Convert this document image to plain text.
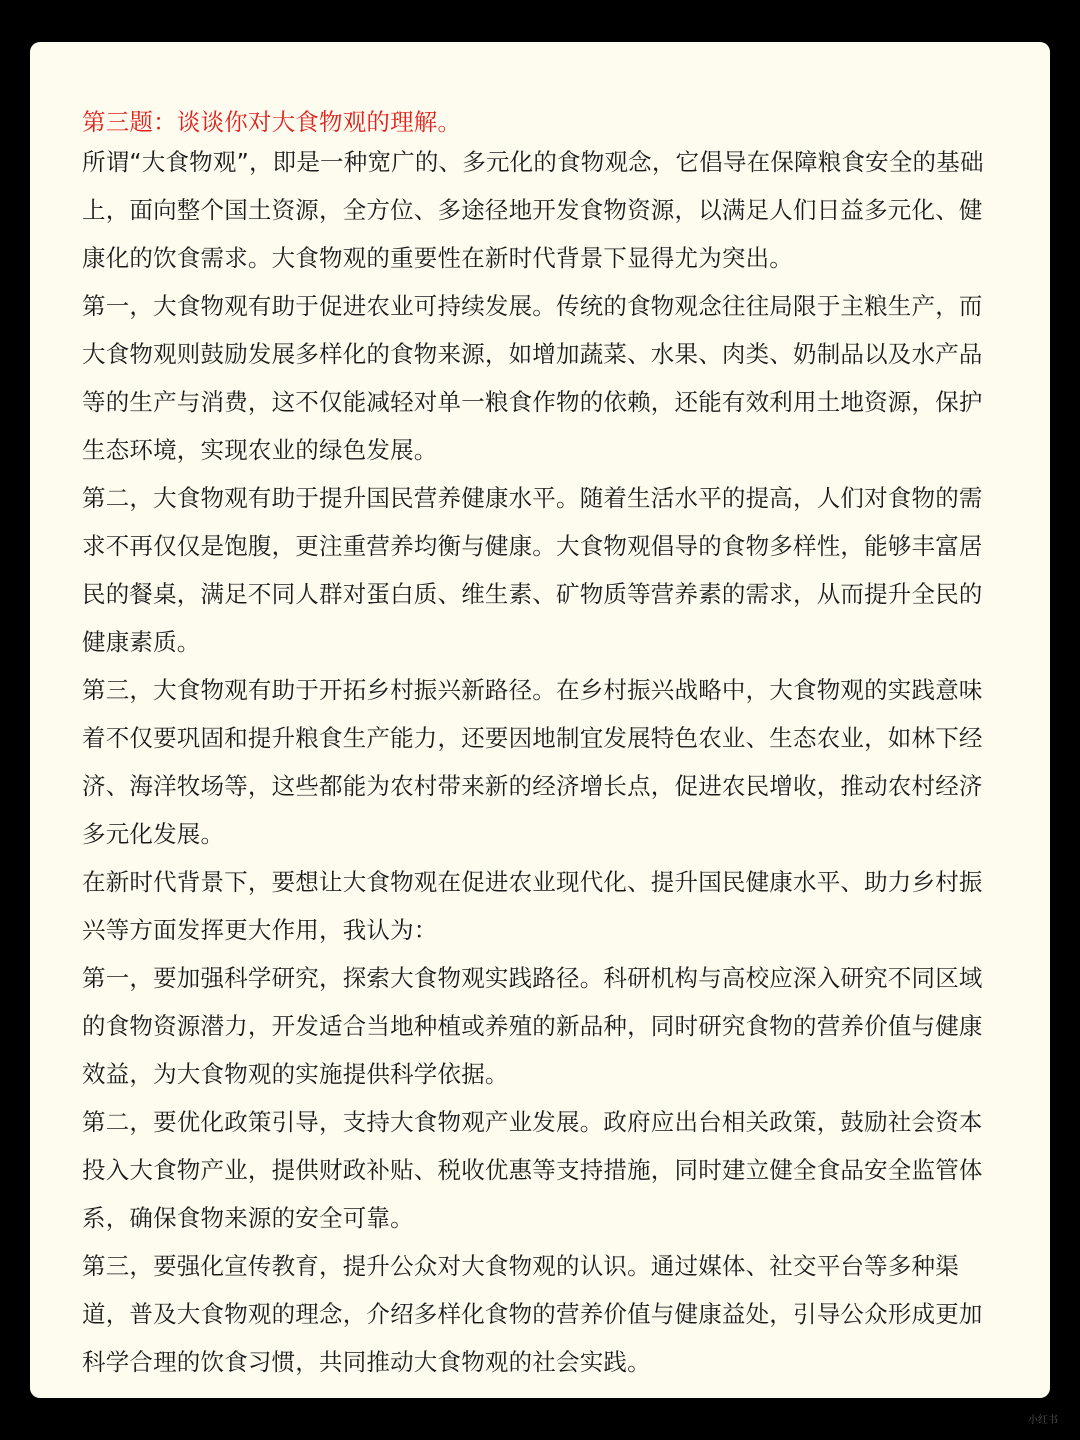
第三题：谈谈你对大食物观的理解。

所谓“大食物观”，即是一种宽广的、多元化的食物观念，它倡导在保障粮食安全的基础上，面向整个国土资源，全方位、多途径地开发食物资源，以满足人们日益多元化、健康化的饮食需求。大食物观的重要性在新时代背景下显得尤为突出。

第一，大食物观有助于促进农业可持续发展。传统的食物观念往往局限于主粮生产，而大食物观则鼓励发展多样化的食物来源，如增加蔬菜、水果、肉类、奶制品以及水产品等的生产与消费，这不仅能减轻对单一粮食作物的依赖，还能有效利用土地资源，保护生态环境，实现农业的绿色发展。

第二，大食物观有助于提升国民营养健康水平。随着生活水平的提高，人们对食物的需求不再仅仅是饱腹，更注重营养均衡与健康。大食物观倡导的食物多样性，能够丰富居民的餐桌，满足不同人群对蛋白质、维生素、矿物质等营养素的需求，从而提升全民的健康素质。

第三，大食物观有助于开拓乡村振兴新路径。在乡村振兴战略中，大食物观的实践意味着不仅要巩固和提升粮食生产能力，还要因地制宜发展特色农业、生态农业，如林下经济、海洋牧场等，这些都能为农村带来新的经济增长点，促进农民增收，推动农村经济多元化发展。

在新时代背景下，要想让大食物观在促进农业现代化、提升国民健康水平、助力乡村振兴等方面发挥更大作用，我认为：

第一，要加强科学研究，探索大食物观实践路径。科研机构与高校应深入研究不同区域的食物资源潜力，开发适合当地种植或养殖的新品种，同时研究食物的营养价值与健康效益，为大食物观的实施提供科学依据。

第二，要优化政策引导，支持大食物观产业发展。政府应出台相关政策，鼓励社会资本投入大食物产业，提供财政补贴、税收优惠等支持措施，同时建立健全食品安全监管体系，确保食物来源的安全可靠。

第三，要强化宣传教育，提升公众对大食物观的认识。通过媒体、社交平台等多种渠道，普及大食物观的理念，介绍多样化食物的营养价值与健康益处，引导公众形成更加科学合理的饮食习惯，共同推动大食物观的社会实践。

小红书
